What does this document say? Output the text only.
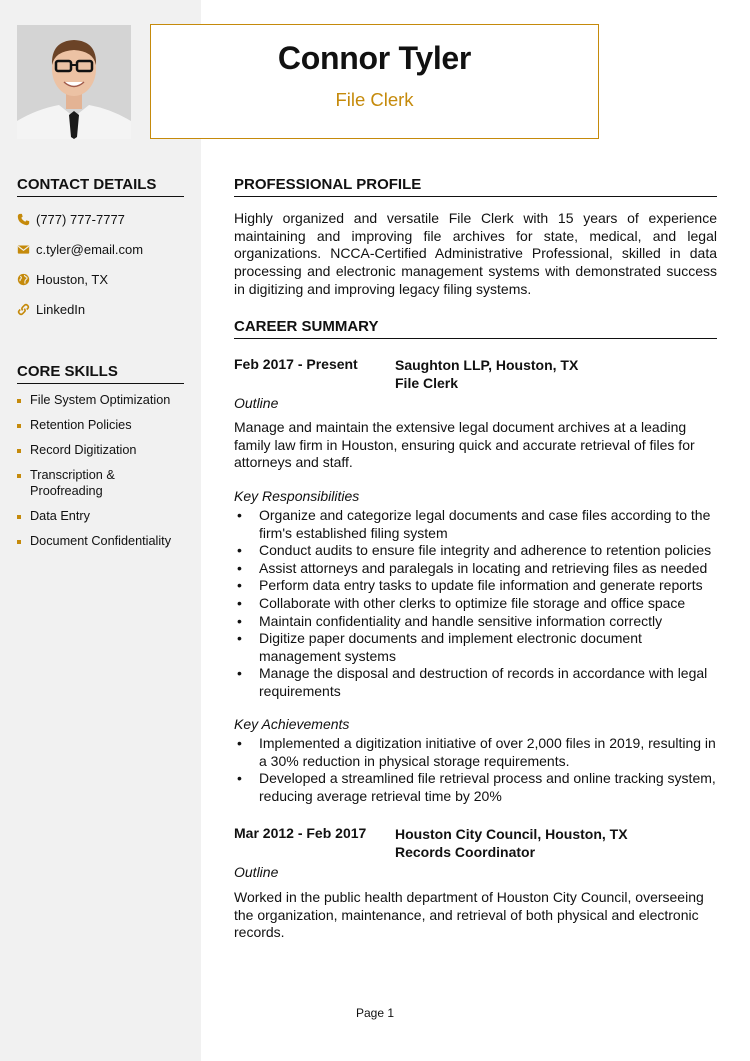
Connor Tyler
File Clerk
CONTACT DETAILS
(777) 777-7777
c.tyler@email.com
Houston, TX
LinkedIn
CORE SKILLS
File System Optimization
Retention Policies
Record Digitization
Transcription & Proofreading
Data Entry
Document Confidentiality
PROFESSIONAL PROFILE
Highly organized and versatile File Clerk with 15 years of experience maintaining and improving file archives for state, medical, and legal organizations. NCCA-Certified Administrative Professional, skilled in data processing and electronic management systems with demonstrated success in digitizing and improving legacy filing systems.
CAREER SUMMARY
Feb 2017 - Present	Saughton LLP, Houston, TX
File Clerk
Outline
Manage and maintain the extensive legal document archives at a leading family law firm in Houston, ensuring quick and accurate retrieval of files for attorneys and staff.
Key Responsibilities
• Organize and categorize legal documents and case files according to the firm's established filing system
• Conduct audits to ensure file integrity and adherence to retention policies
• Assist attorneys and paralegals in locating and retrieving files as needed
• Perform data entry tasks to update file information and generate reports
• Collaborate with other clerks to optimize file storage and office space
• Maintain confidentiality and handle sensitive information correctly
• Digitize paper documents and implement electronic document management systems
• Manage the disposal and destruction of records in accordance with legal requirements
Key Achievements
• Implemented a digitization initiative of over 2,000 files in 2019, resulting in a 30% reduction in physical storage requirements.
• Developed a streamlined file retrieval process and online tracking system, reducing average retrieval time by 20%
Mar 2012 - Feb 2017 Houston City Council, Houston, TX
Records Coordinator
Outline
Worked in the public health department of Houston City Council, overseeing the organization, maintenance, and retrieval of both physical and electronic records.
Page 1
